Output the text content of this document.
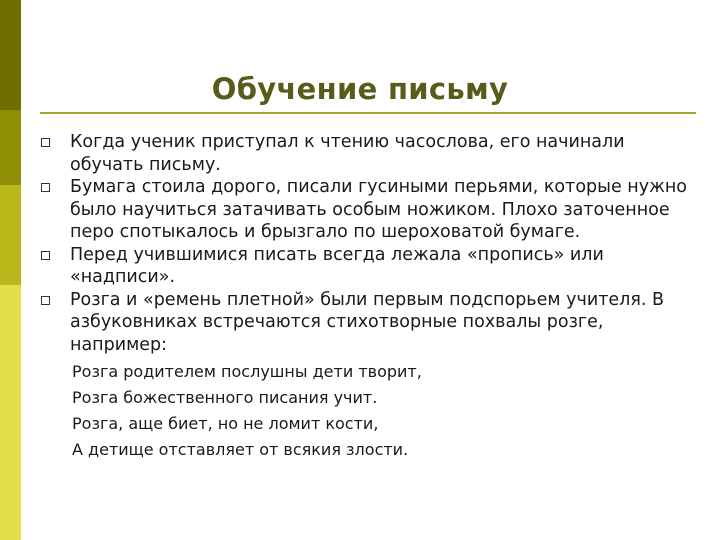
Обучение письму
Когда ученик приступал к чтению часослова, его начинали обучать письму.
Бумага стоила дорого, писали гусиными перьями, которые нужно было научиться затачивать особым ножиком. Плохо заточенное перо спотыкалось и брызгало по шероховатой бумаге.
Перед учившимися писать всегда лежала «пропись» или «надписи».
Розга и «ремень плетной» были первым подспорьем учителя. В азбуковниках встречаются стихотворные похвалы розге, например:
Розга родителем послушны дети творит,
Розга божественного писания учит.
Розга, аще биет, но не ломит кости,
А детище отставляет от всякия злости.
